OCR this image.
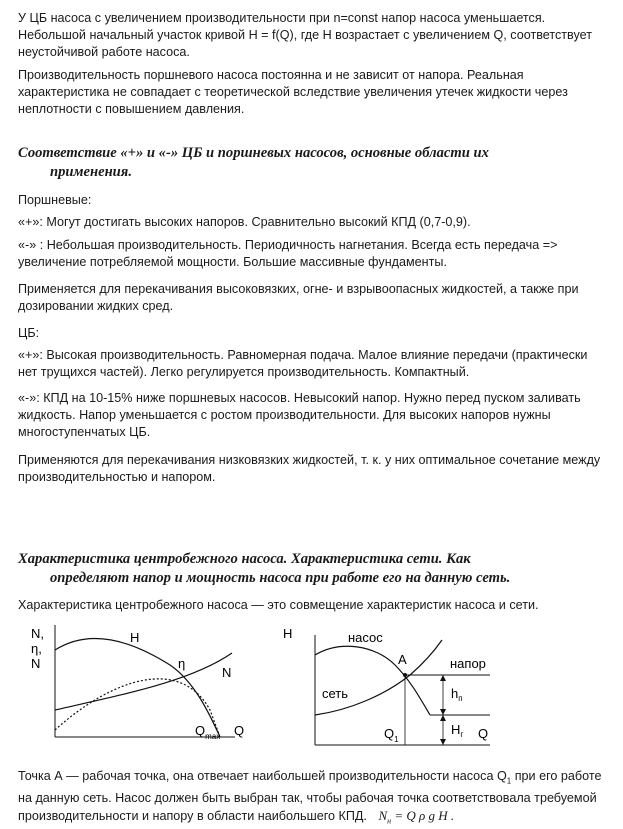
У ЦБ насоса с увеличением производительности при n=const напор насоса уменьшается. Небольшой начальный участок кривой H = f(Q), где H возрастает с увеличением Q, соответствует неустойчивой работе насоса.

Производительность поршневого насоса постоянна и не зависит от напора. Реальная характеристика не совпадает с теоретической вследствие увеличения утечек жидкости через неплотности с повышением давления.

Соответствие «+» и «-» ЦБ и поршневых насосов, основные области их
применения.

Поршневые:

«+»: Могут достигать высоких напоров. Сравнительно высокий КПД (0,7-0,9).

«-» : Небольшая производительность. Периодичность нагнетания. Всегда есть передача => увеличение потребляемой мощности. Большие массивные фундаменты.

Применяется для перекачивания высоковязких, огне- и взрывоопасных жидкостей, а также при дозировании жидких сред.

ЦБ:

«+»: Высокая производительность. Равномерная подача. Малое влияние передачи (практически нет трущихся частей). Легко регулируется производительность. Компактный.

«-»: КПД на 10-15% ниже поршневых насосов. Невысокий напор. Нужно перед пуском заливать жидкость. Напор уменьшается с ростом производительности. Для высоких напоров нужны многоступенчатых ЦБ.

Применяются для перекачивания низковязких жидкостей, т. к. у них оптимальное сочетание между производительностью и напором.

Характеристика центробежного насоса. Характеристика сети. Как
определяют напор и мощность насоса при работе его на данную сеть.

Характеристика центробежного насоса — это совмещение характеристик насоса и сети.

N,
η,
N
H
η
N
$Q_{max}$ Q
H	насос
A	напор
сеть	$h_п$
$H_г$
$Q_1$	Q

Точка А — рабочая точка, она отвечает наибольшей производительности насоса $Q_1$ при его работе на данную сеть. Насос должен быть выбран так, чтобы рабочая точка соответствовала требуемой производительности и напору в области наибольшего КПД. $N_н = Q$ ρ g H .
